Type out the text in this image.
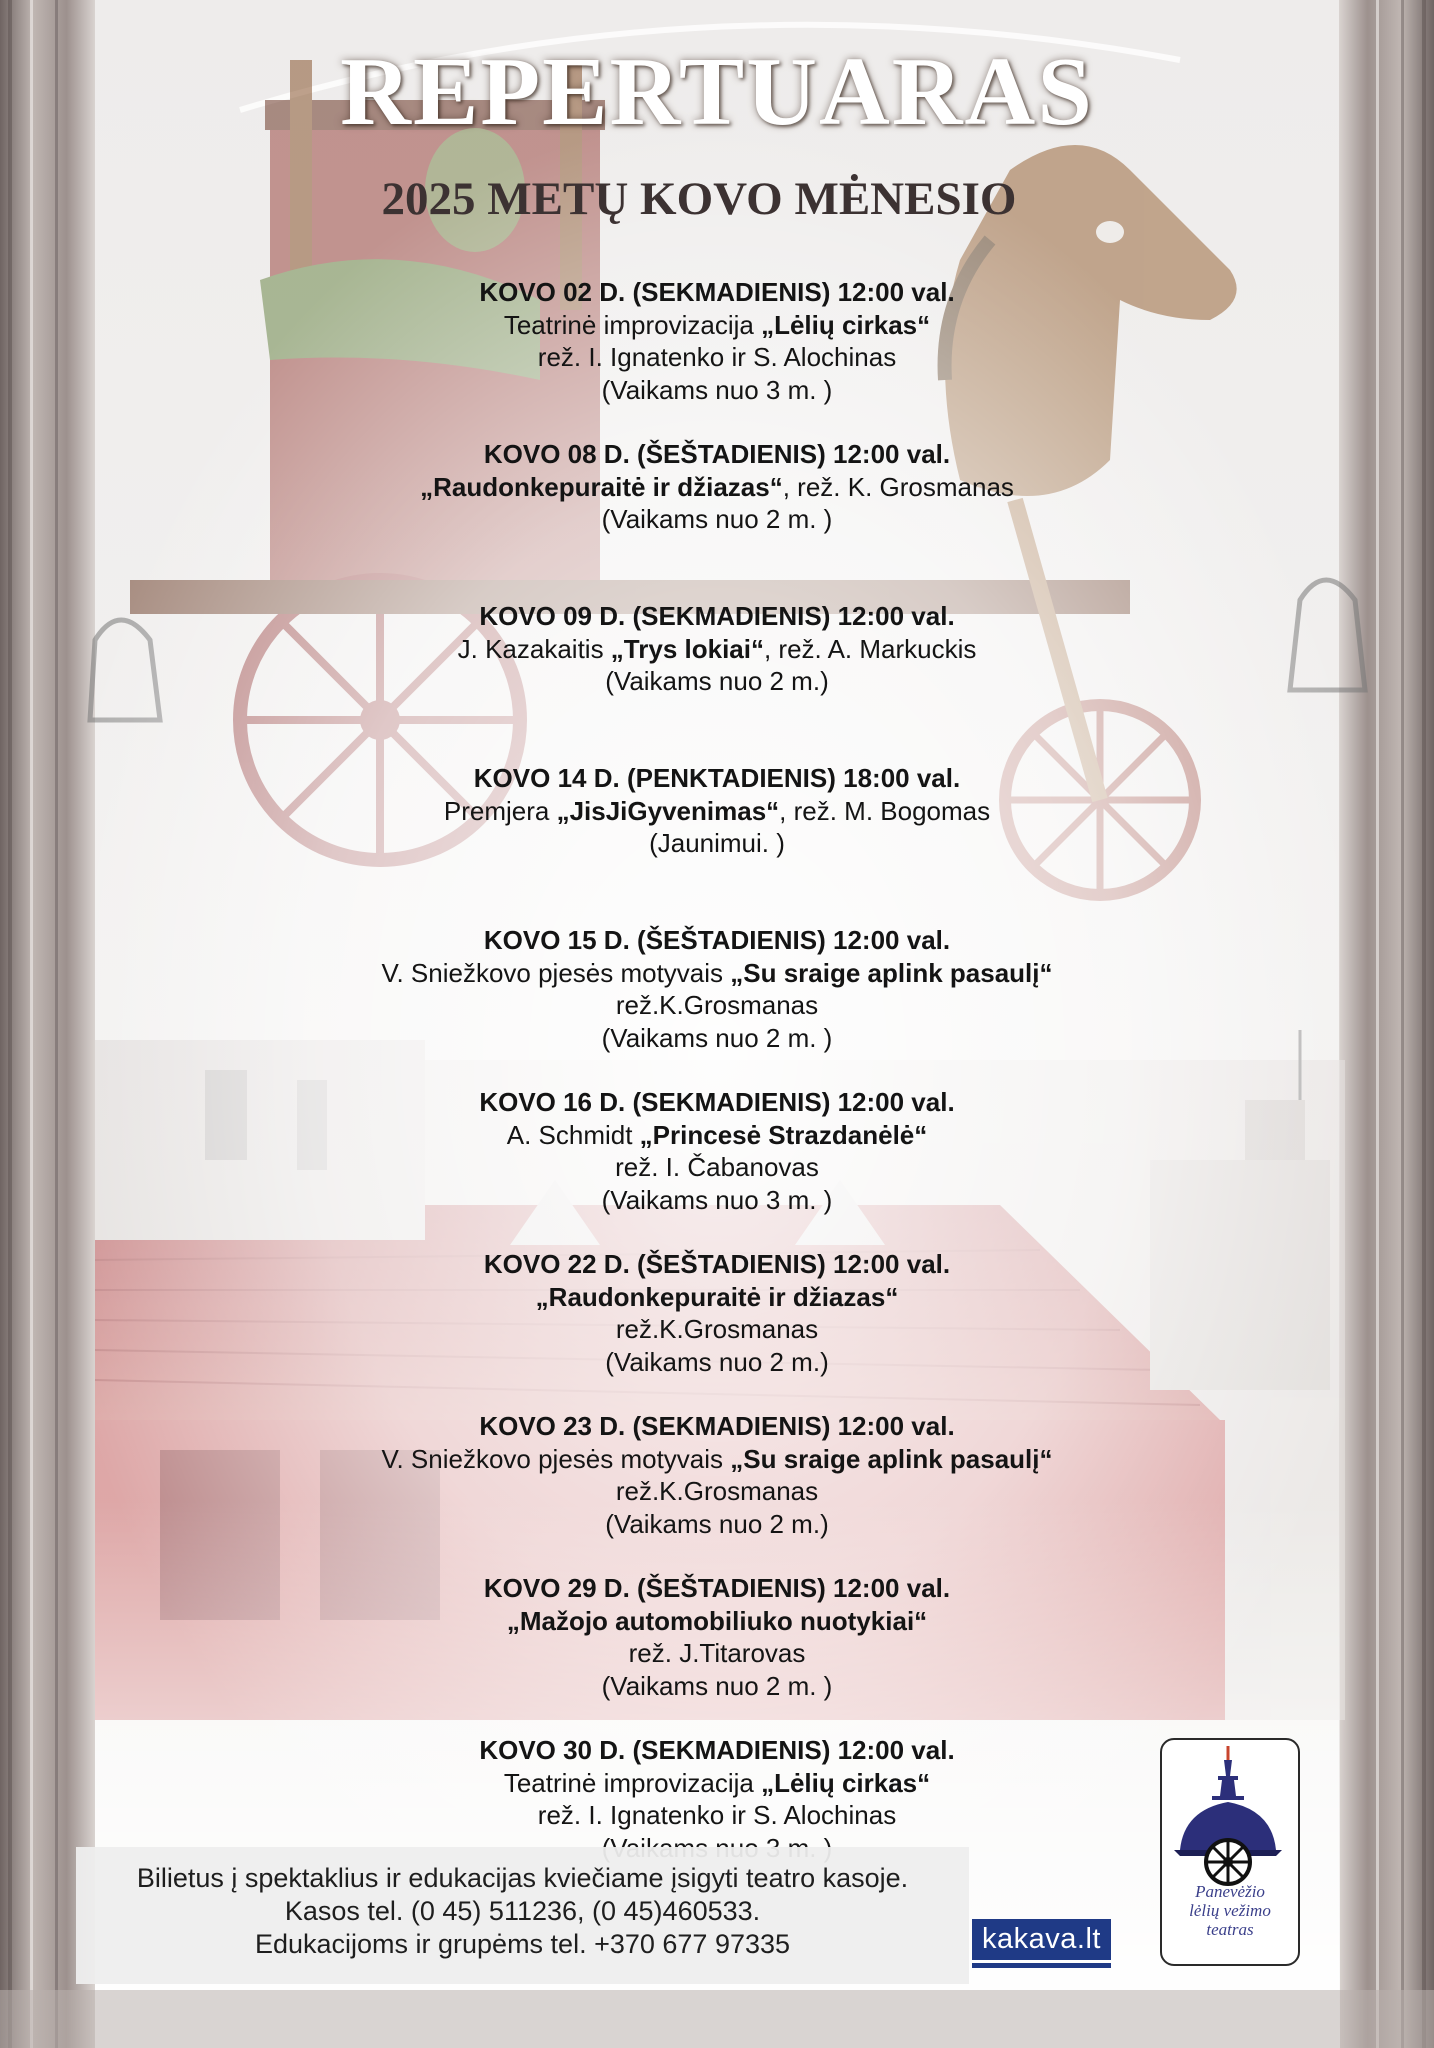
REPERTUARAS
2025 METŲ KOVO MĖNESIO
KOVO 02 D. (SEKMADIENIS) 12:00 val.
Teatrinė improvizacija „Lėlių cirkas“
rež. I. Ignatenko ir S. Alochinas
(Vaikams nuo 3 m. )
KOVO 08 D. (ŠEŠTADIENIS) 12:00 val.
„Raudonkepuraitė ir džiazas“, rež. K. Grosmanas
(Vaikams nuo 2 m. )
KOVO 09 D. (SEKMADIENIS) 12:00 val.
J. Kazakaitis „Trys lokiai“, rež. A. Markuckis
(Vaikams nuo 2 m.)
KOVO 14 D. (PENKTADIENIS) 18:00 val.
Premjera „JisJiGyvenimas“, rež. M. Bogomas
(Jaunimui. )
KOVO 15 D. (ŠEŠTADIENIS) 12:00 val.
V. Sniežkovo pjesės motyvais „Su sraige aplink pasaulį“
rež.K.Grosmanas
(Vaikams nuo 2 m. )
KOVO 16 D. (SEKMADIENIS) 12:00 val.
A. Schmidt „Princesė Strazdanėlė“
rež. I. Čabanovas
(Vaikams nuo 3 m. )
KOVO 22 D. (ŠEŠTADIENIS) 12:00 val.
„Raudonkepuraitė ir džiazas“
rež.K.Grosmanas
(Vaikams nuo 2 m.)
KOVO 23 D. (SEKMADIENIS) 12:00 val.
V. Sniežkovo pjesės motyvais „Su sraige aplink pasaulį“
rež.K.Grosmanas
(Vaikams nuo 2 m.)
KOVO 29 D. (ŠEŠTADIENIS) 12:00 val.
„Mažojo automobiliuko nuotykiai“
rež. J.Titarovas
(Vaikams nuo 2 m. )
KOVO 30 D. (SEKMADIENIS) 12:00 val.
Teatrinė improvizacija „Lėlių cirkas“
rež. I. Ignatenko ir S. Alochinas
Bilietus į spektaklius ir edukacijas kviečiame įsigyti teatro kasoje.
Kasos tel. (0 45) 511236, (0 45)460533.
Edukacijoms ir grupėms tel. +370 677 97335	kakava.lt
Panevėžio
lėlių vežimo
teatras
